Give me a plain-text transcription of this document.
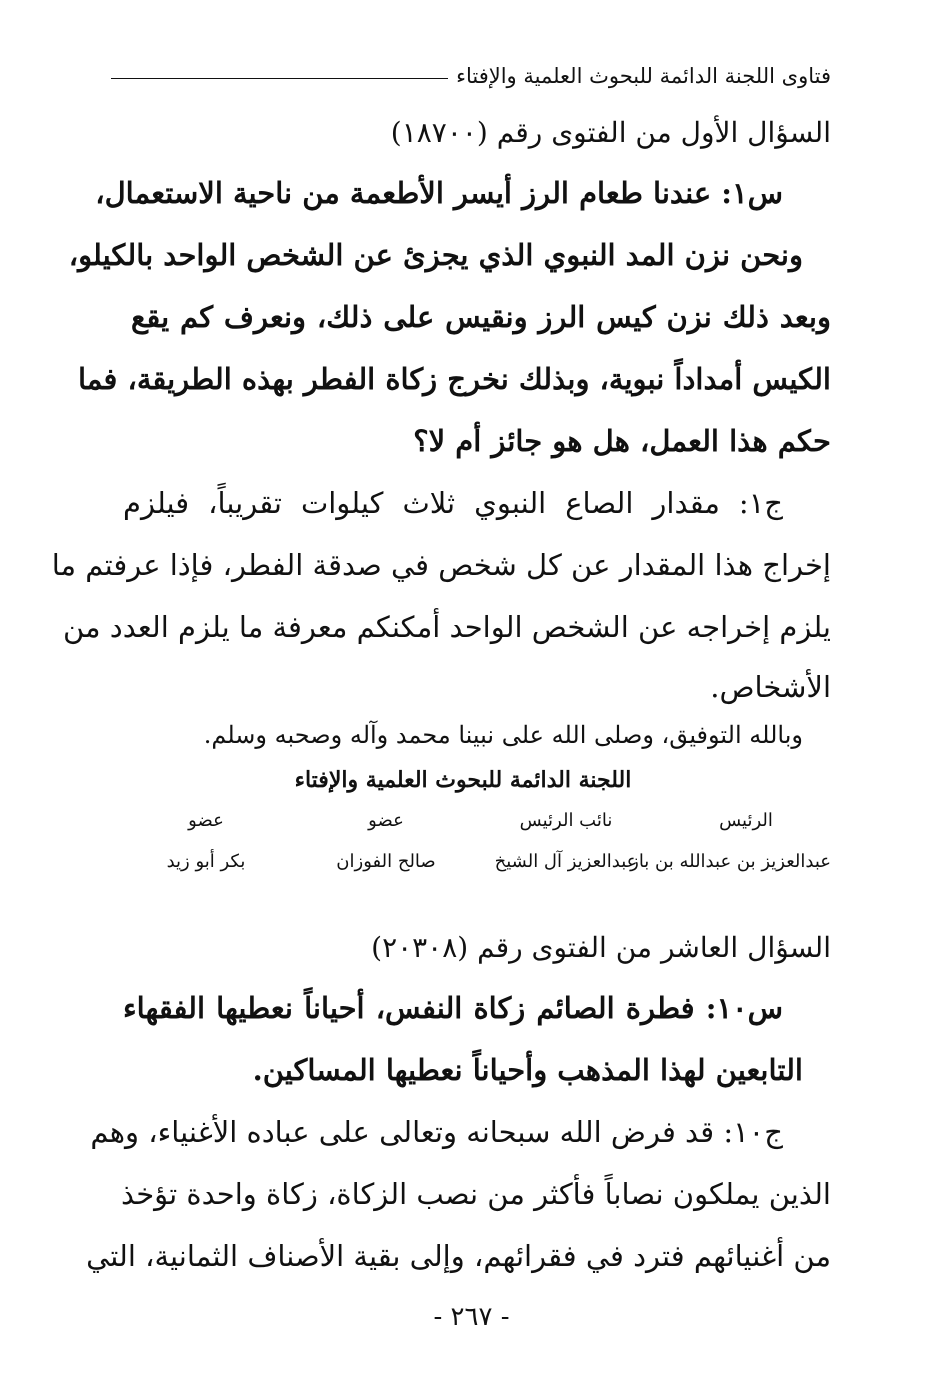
فتاوى اللجنة الدائمة للبحوث العلمية والإفتاء
السؤال الأول من الفتوى رقم (١٨٧٠٠)
س١: عندنا طعام الرز أيسر الأطعمة من ناحية الاستعمال،
ونحن نزن المد النبوي الذي يجزئ عن الشخص الواحد بالكيلو،
وبعد ذلك نزن كيس الرز ونقيس على ذلك، ونعرف كم يقع
الكيس أمداداً نبوية، وبذلك نخرج زكاة الفطر بهذه الطريقة، فما
حكم هذا العمل، هل هو جائز أم لا؟
ج١: مقدار الصاع النبوي ثلاث كيلوات تقريباً، فيلزم
إخراج هذا المقدار عن كل شخص في صدقة الفطر، فإذا عرفتم ما
يلزم إخراجه عن الشخص الواحد أمكنكم معرفة ما يلزم العدد من
الأشخاص.
وبالله التوفيق، وصلى الله على نبينا محمد وآله وصحبه وسلم.
اللجنة الدائمة للبحوث العلمية والإفتاء
الرئيس
نائب الرئيس
عضو
عضو
عبدالعزيز بن عبدالله بن باز
عبدالعزيز آل الشيخ
صالح الفوزان
بكر أبو زيد
السؤال العاشر من الفتوى رقم (٢٠٣٠٨)
س١٠: فطرة الصائم زكاة النفس، أحياناً نعطيها الفقهاء
التابعين لهذا المذهب وأحياناً نعطيها المساكين.
ج١٠: قد فرض الله سبحانه وتعالى على عباده الأغنياء، وهم
الذين يملكون نصاباً فأكثر من نصب الزكاة، زكاة واحدة تؤخذ
من أغنيائهم فترد في فقرائهم، وإلى بقية الأصناف الثمانية، التي
- ٢٦٧ -
